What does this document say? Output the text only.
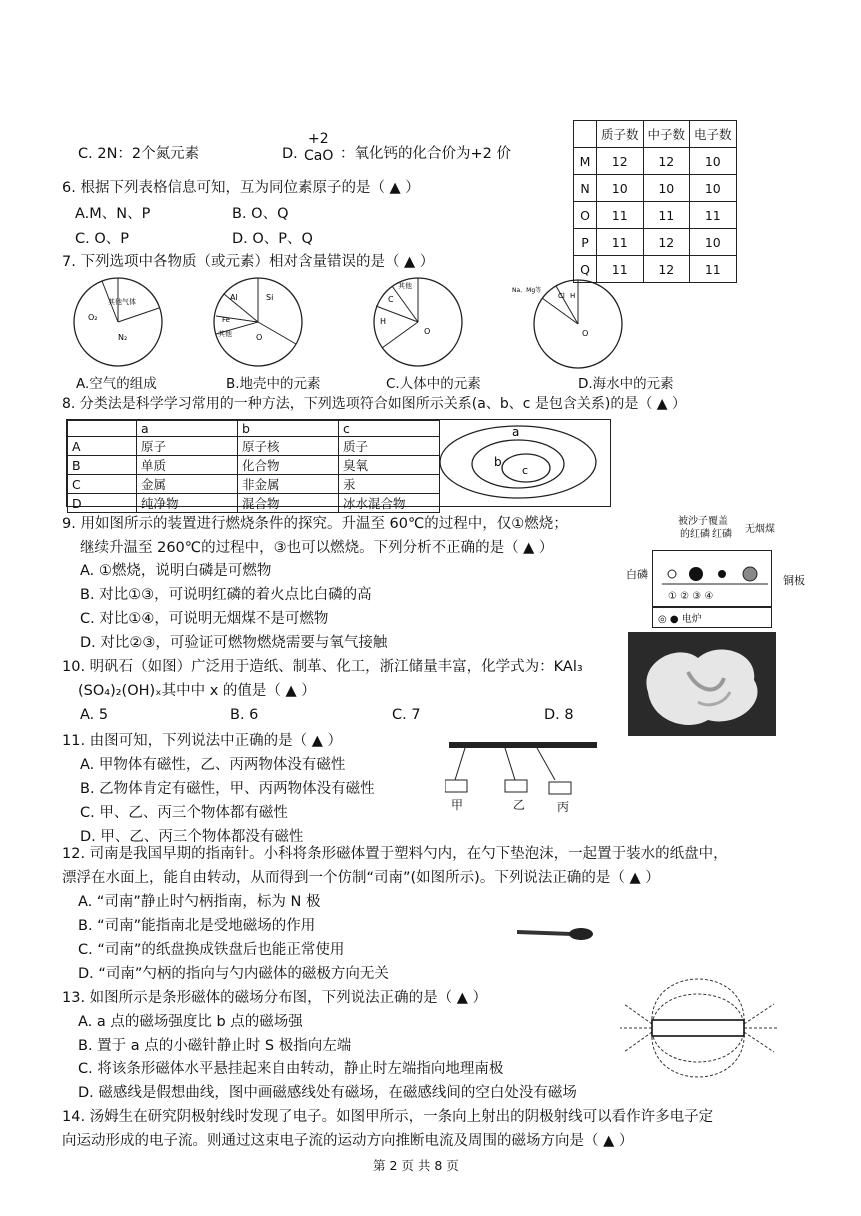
C. 2N：2个氮元素	D.
+2
CaO ：氧化钙的化合价为+2 价
6. 根据下列表格信息可知，互为同位素原子的是（ ▲ ）
A.M、N、P	B. O、Q
C. O、P	D. O、P、Q
	质子数	中子数	电子数
M	12	12	10
N	10	10	10
O	11	11	11
P	11	12	10
Q	11	12	11
7. 下列选项中各物质（或元素）相对含量错误的是（ ▲ ）
其他气体
O₂
N₂
Al	Si
Fe
其他	O
其他
C
H
O
Na、Mg等
Cl H
O
A.空气的组成	B.地壳中的元素	C.人体中的元素	D.海水中的元素
8. 分类法是科学学习常用的一种方法，下列选项符合如图所示关系(a、b、c 是包含关系)的是（ ▲ ）
	a	b	c
A	原子	原子核	质子
B	单质	化合物	臭氧
C	金属	非金属	汞
D	纯净物	混合物	冰水混合物
a
b
c
9. 用如图所示的装置进行燃烧条件的探究。升温至 60℃的过程中，仅①燃烧；
继续升温至 260℃的过程中，③也可以燃烧。下列分析不正确的是（ ▲ ）
A. ①燃烧，说明白磷是可燃物
B. 对比①③，可说明红磷的着火点比白磷的高
C. 对比①④，可说明无烟煤不是可燃物
D. 对比②③，可验证可燃物燃烧需要与氧气接触
被沙子覆盖
的红磷 红磷 无烟煤
白磷	铜板
① ② ③ ④
◎ ● 电炉
10. 明矾石（如图）广泛用于造纸、制革、化工，浙江储量丰富，化学式为：KAl₃
(SO₄)₂(OH)ₓ其中中 x 的值是（ ▲ ）
A. 5	B. 6	C. 7	D. 8
11. 由图可知，下列说法中正确的是（ ▲ ）
A. 甲物体有磁性，乙、丙两物体没有磁性
B. 乙物体肯定有磁性，甲、丙两物体没有磁性
C. 甲、乙、丙三个物体都有磁性
D. 甲、乙、丙三个物体都没有磁性
甲	乙	丙
12. 司南是我国早期的指南针。小科将条形磁体置于塑料勺内，在勺下垫泡沫，一起置于装水的纸盘中，
漂浮在水面上，能自由转动，从而得到一个仿制“司南”(如图所示)。下列说法正确的是（ ▲ ）
A. “司南”静止时勺柄指南，标为 N 极
B. “司南”能指南北是受地磁场的作用
C. “司南”的纸盘换成铁盘后也能正常使用
D. “司南”勺柄的指向与勺内磁体的磁极方向无关
13. 如图所示是条形磁体的磁场分布图，下列说法正确的是（ ▲ ）
A. a 点的磁场强度比 b 点的磁场强
B. 置于 a 点的小磁针静止时 S 极指向左端
C. 将该条形磁体水平悬挂起来自由转动，静止时左端指向地理南极
D. 磁感线是假想曲线，图中画磁感线处有磁场，在磁感线间的空白处没有磁场
14. 汤姆生在研究阴极射线时发现了电子。如图甲所示，一条向上射出的阴极射线可以看作许多电子定
向运动形成的电子流。则通过这束电子流的运动方向推断电流及周围的磁场方向是（ ▲ ）
第 2 页 共 8 页
